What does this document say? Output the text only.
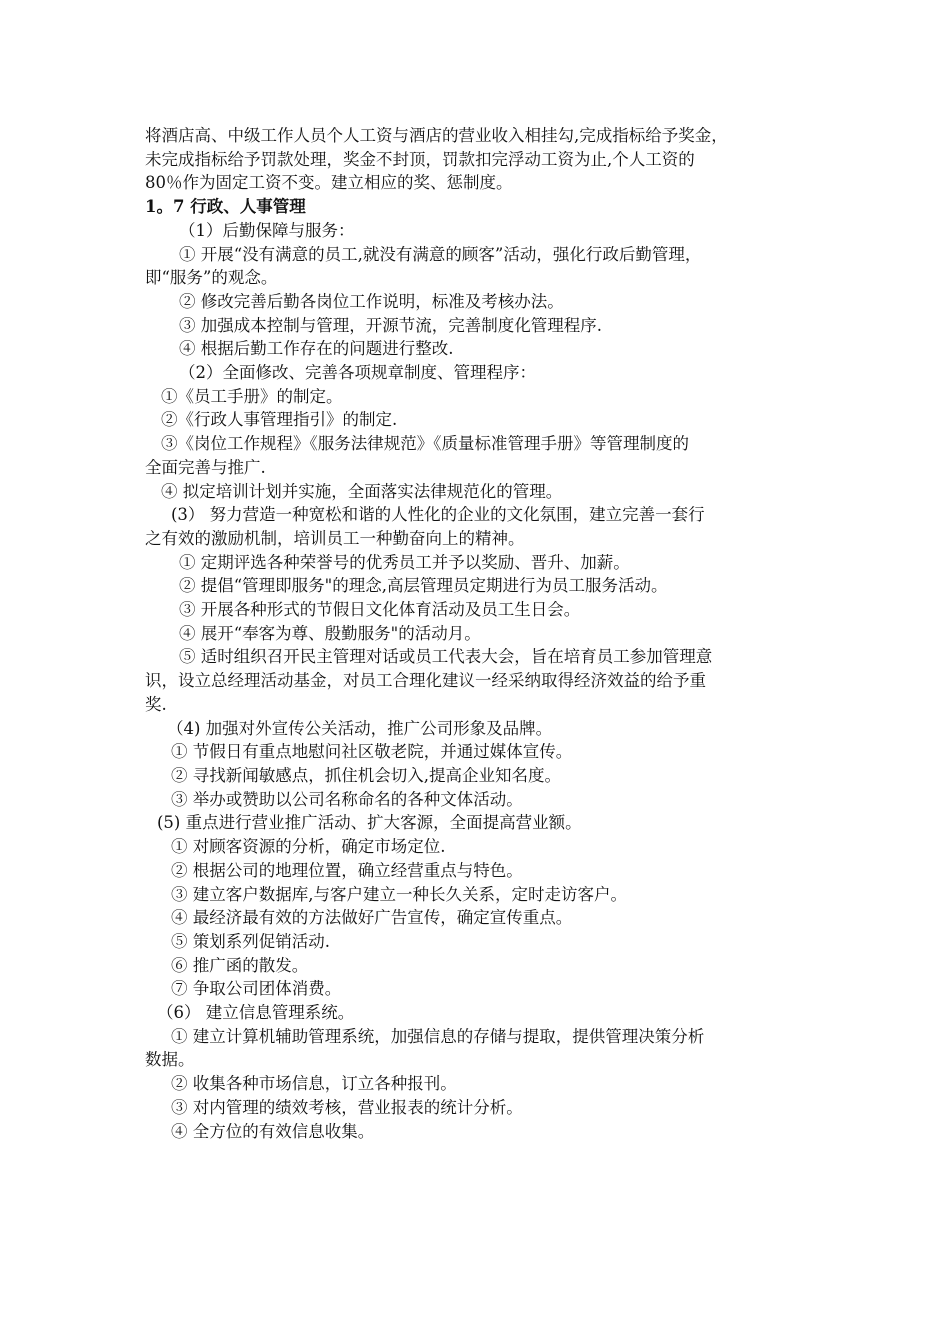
将酒店高、中级工作人员个人工资与酒店的营业收入相挂勾,完成指标给予奖金，

未完成指标给予罚款处理，奖金不封顶，罚款扣完浮动工资为止,个人工资的

80％作为固定工资不变。建立相应的奖、惩制度。

1。7 行政、人事管理

（1）后勤保障与服务：

① 开展“没有满意的员工,就没有满意的顾客”活动，强化行政后勤管理，

即“服务”的观念。

② 修改完善后勤各岗位工作说明，标准及考核办法。

③ 加强成本控制与管理，开源节流，完善制度化管理程序.

④ 根据后勤工作存在的问题进行整改.

（2）全面修改、完善各项规章制度、管理程序：

①《员工手册》的制定。

②《行政人事管理指引》的制定.

③《岗位工作规程》《服务法律规范》《质量标准管理手册》等管理制度的

全面完善与推广.

④ 拟定培训计划并实施，全面落实法律规范化的管理。

(3） 努力营造一种宽松和谐的人性化的企业的文化氛围，建立完善一套行

之有效的激励机制，培训员工一种勤奋向上的精神。

① 定期评选各种荣誉号的优秀员工并予以奖励、晋升、加薪。

② 提倡“管理即服务"的理念,高层管理员定期进行为员工服务活动。

③ 开展各种形式的节假日文化体育活动及员工生日会。

④ 展开“奉客为尊、殷勤服务"的活动月。

⑤ 适时组织召开民主管理对话或员工代表大会，旨在培育员工参加管理意

识，设立总经理活动基金，对员工合理化建议一经采纳取得经济效益的给予重

奖.

（4) 加强对外宣传公关活动，推广公司形象及品牌。

① 节假日有重点地慰问社区敬老院，并通过媒体宣传。

② 寻找新闻敏感点，抓住机会切入,提高企业知名度。

③ 举办或赞助以公司名称命名的各种文体活动。

(5) 重点进行营业推广活动、扩大客源，全面提高营业额。

① 对顾客资源的分析，确定市场定位.

② 根据公司的地理位置，确立经营重点与特色。

③ 建立客户数据库,与客户建立一种长久关系，定时走访客户。

④ 最经济最有效的方法做好广告宣传，确定宣传重点。

⑤ 策划系列促销活动.

⑥ 推广函的散发。

⑦ 争取公司团体消费。

（6） 建立信息管理系统。

① 建立计算机辅助管理系统，加强信息的存储与提取，提供管理决策分析

数据。

② 收集各种市场信息，订立各种报刊。

③ 对内管理的绩效考核，营业报表的统计分析。

④ 全方位的有效信息收集。
